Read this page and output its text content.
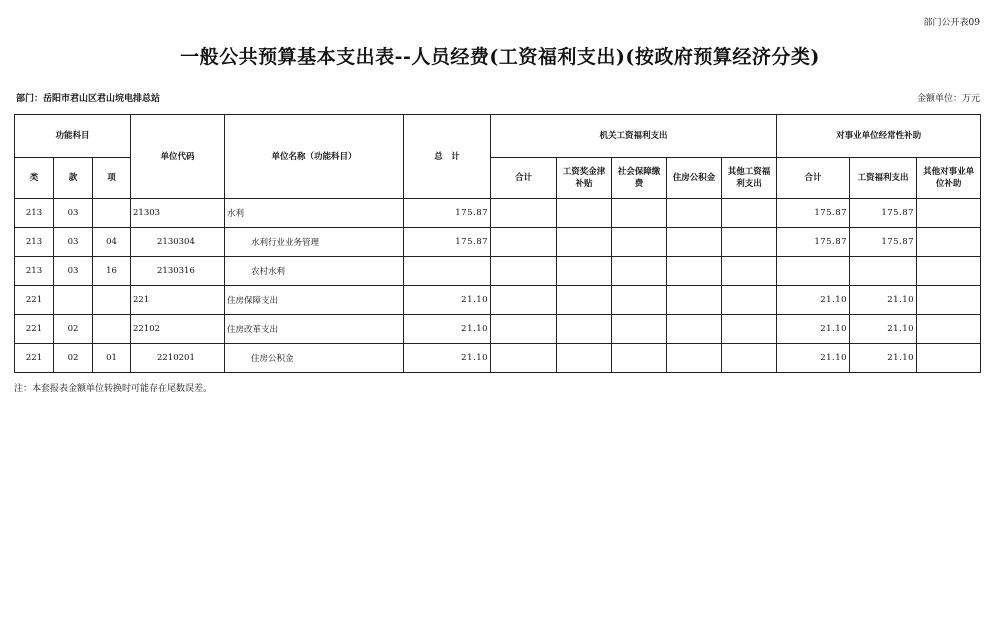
部门公开表09
一般公共预算基本支出表--人员经费(工资福利支出)(按政府预算经济分类)
部门：岳阳市君山区君山垸电排总站	金额单位：万元
功能科目			单位代码	单位名称（功能科目）	总　计	机关工资福利支出					对事业单位经常性补助		
类	款	项				合计	工资奖金津补贴	社会保障缴费	住房公积金	其他工资福利支出	合计	工资福利支出	其他对事业单位补助
213	03		21303	水利	175.87						175.87	175.87	
213	03	04	2130304	水利行业业务管理	175.87						175.87	175.87	
213	03	16	2130316	农村水利									
221			221	住房保障支出	21.10						21.10	21.10	
221	02		22102	住房改革支出	21.10						21.10	21.10	
221	02	01	2210201	住房公积金	21.10						21.10	21.10	
注：本套报表金额单位转换时可能存在尾数误差。
